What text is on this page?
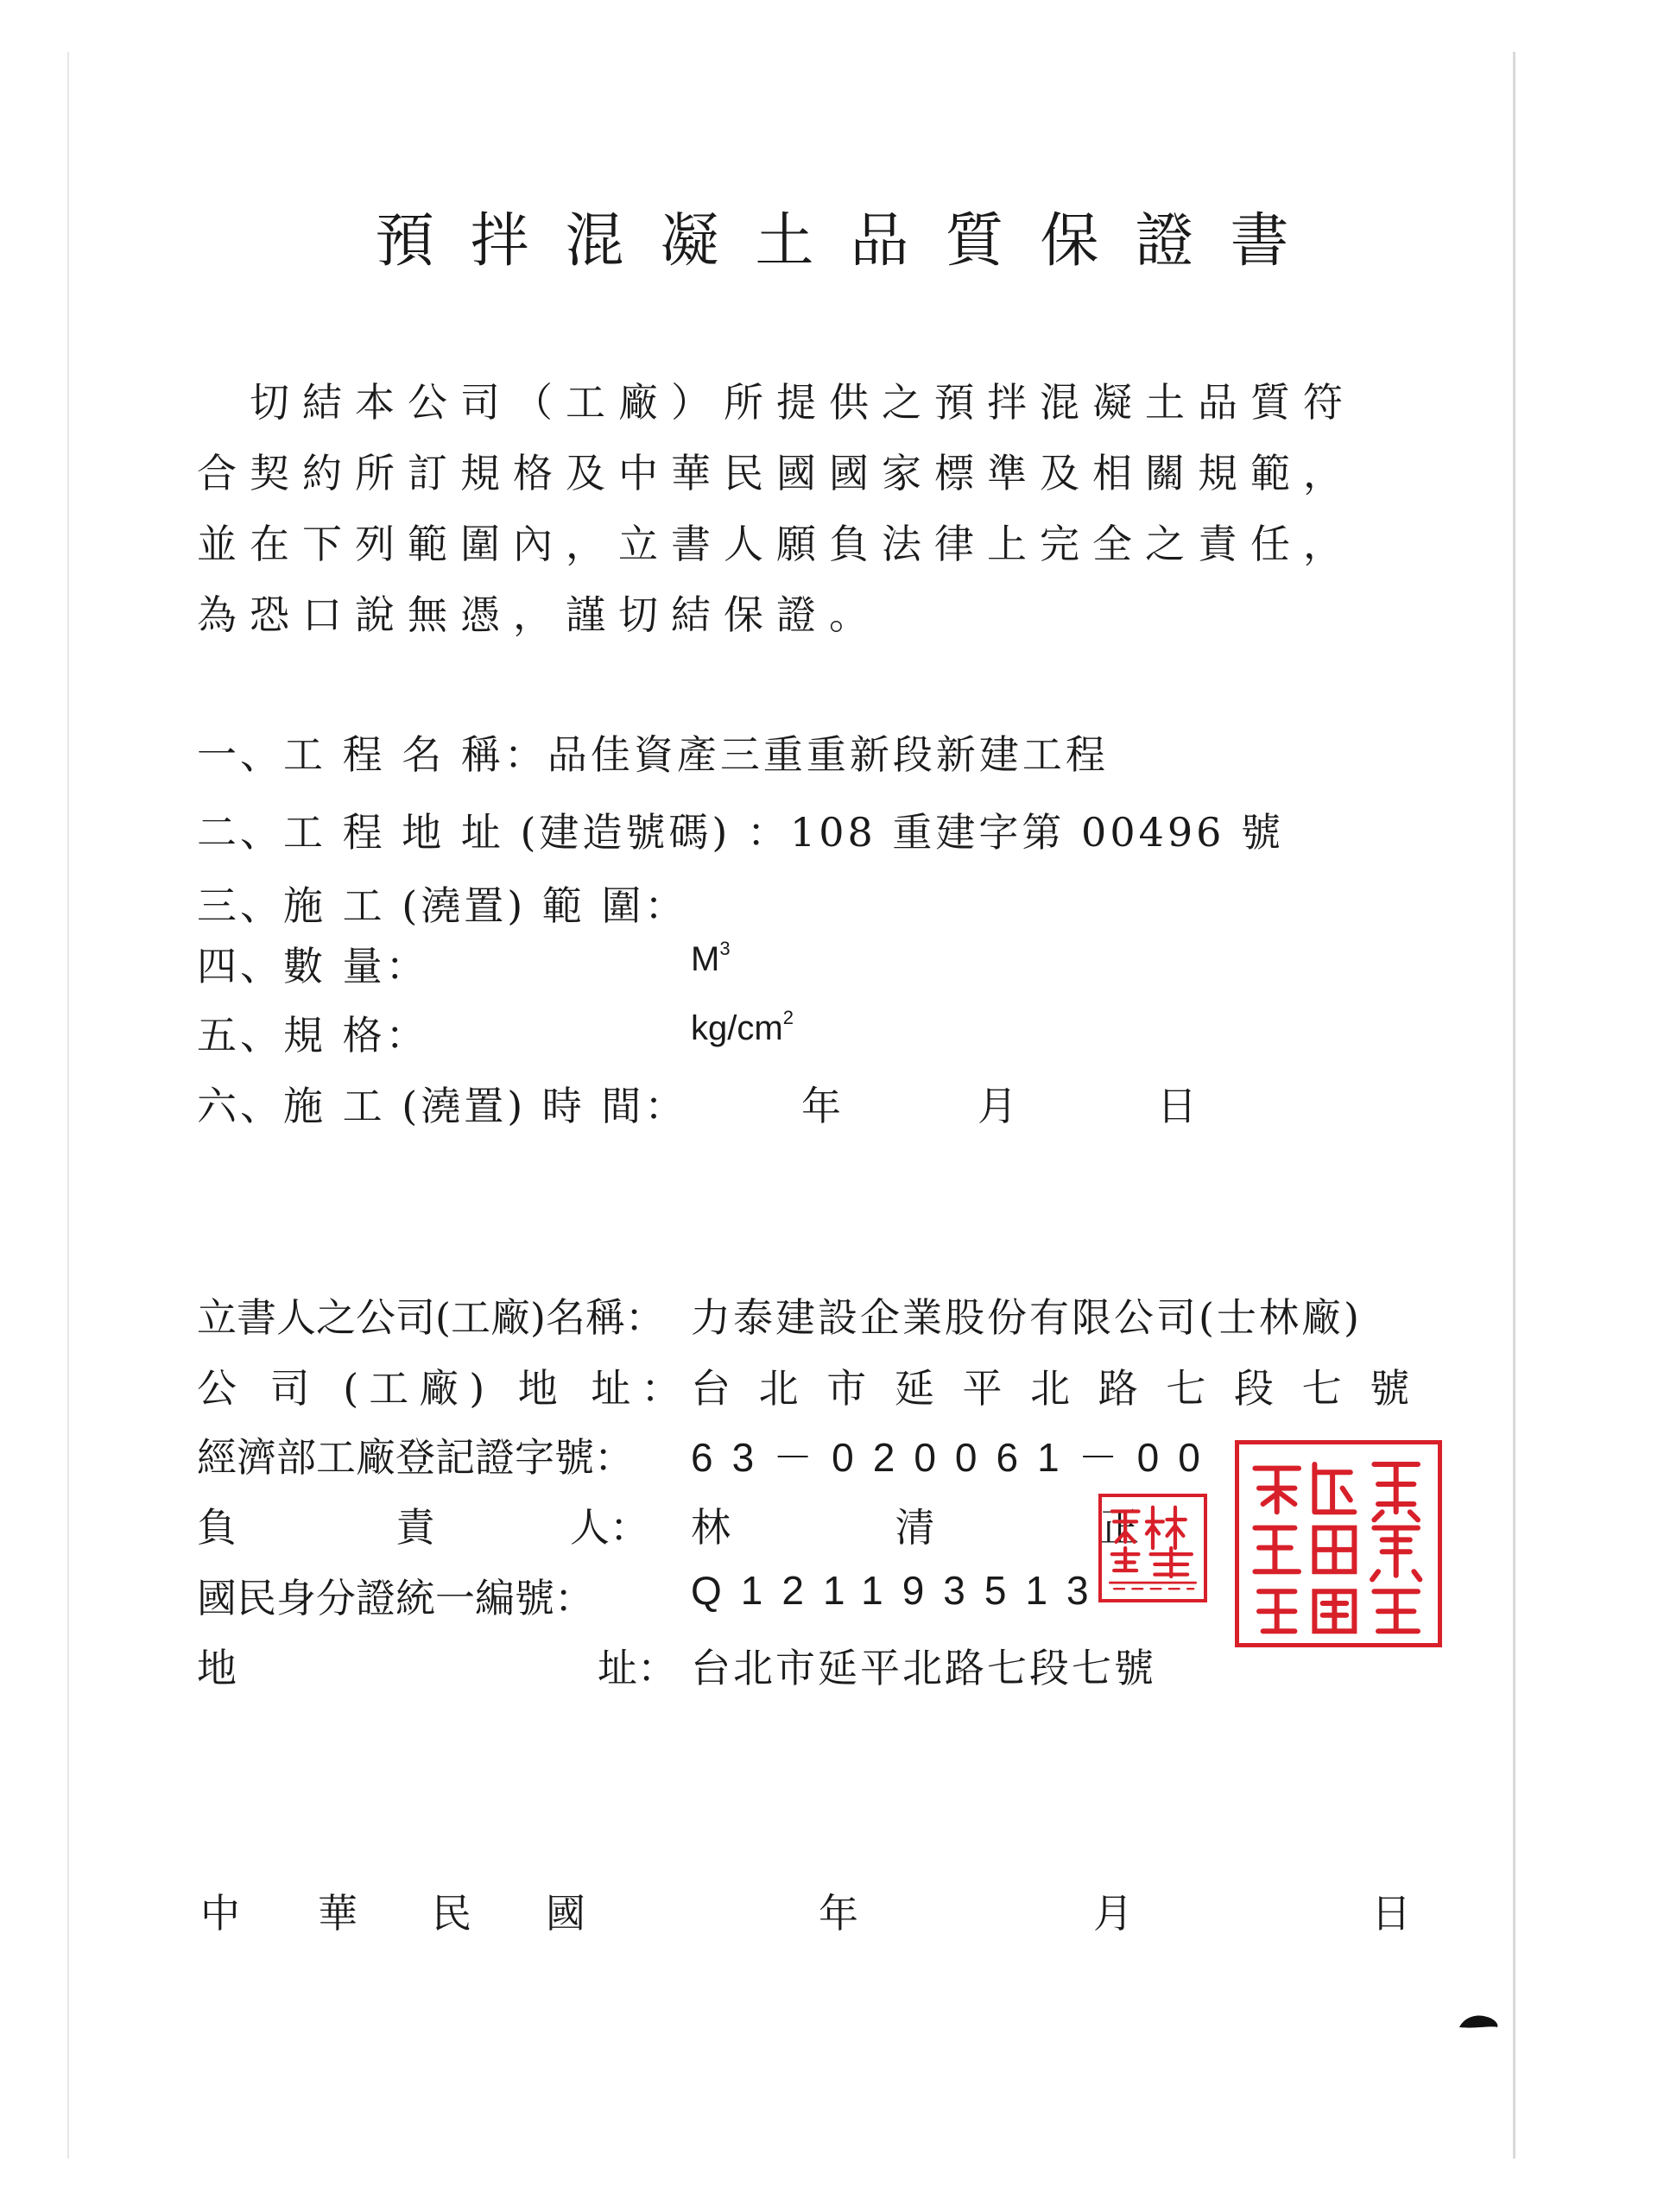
預拌混凝土品質保證書
　切結本公司（工廠）所提供之預拌混凝土品質符
合契約所訂規格及中華民國國家標準及相關規範，
並在下列範圍內，立書人願負法律上完全之責任，
為恐口說無憑，謹切結保證。
一、工 程 名 稱：品佳資產三重重新段新建工程
二、工 程 地 址 (建造號碼) ：108 重建字第 00496 號
三、施 工 (澆置) 範 圍：
四、數 量：	$M^3$
五、規 格：	$kg/cm^2$
六、施 工 (澆置) 時 間：	年	月	日
立書人之公司(工廠)名稱： 力泰建設企業股份有限公司(士林廠)
公 司 (工廠) 地 址： 台 北 市 延 平 北 路 七 段 七 號
經濟部工廠登記證字號： 63－020061－00
負	責	人： 林 清 正
國民身分證統一編號： Q121193513
地	址： 台北市延平北路七段七號
中 華 民 國	年	月	日
